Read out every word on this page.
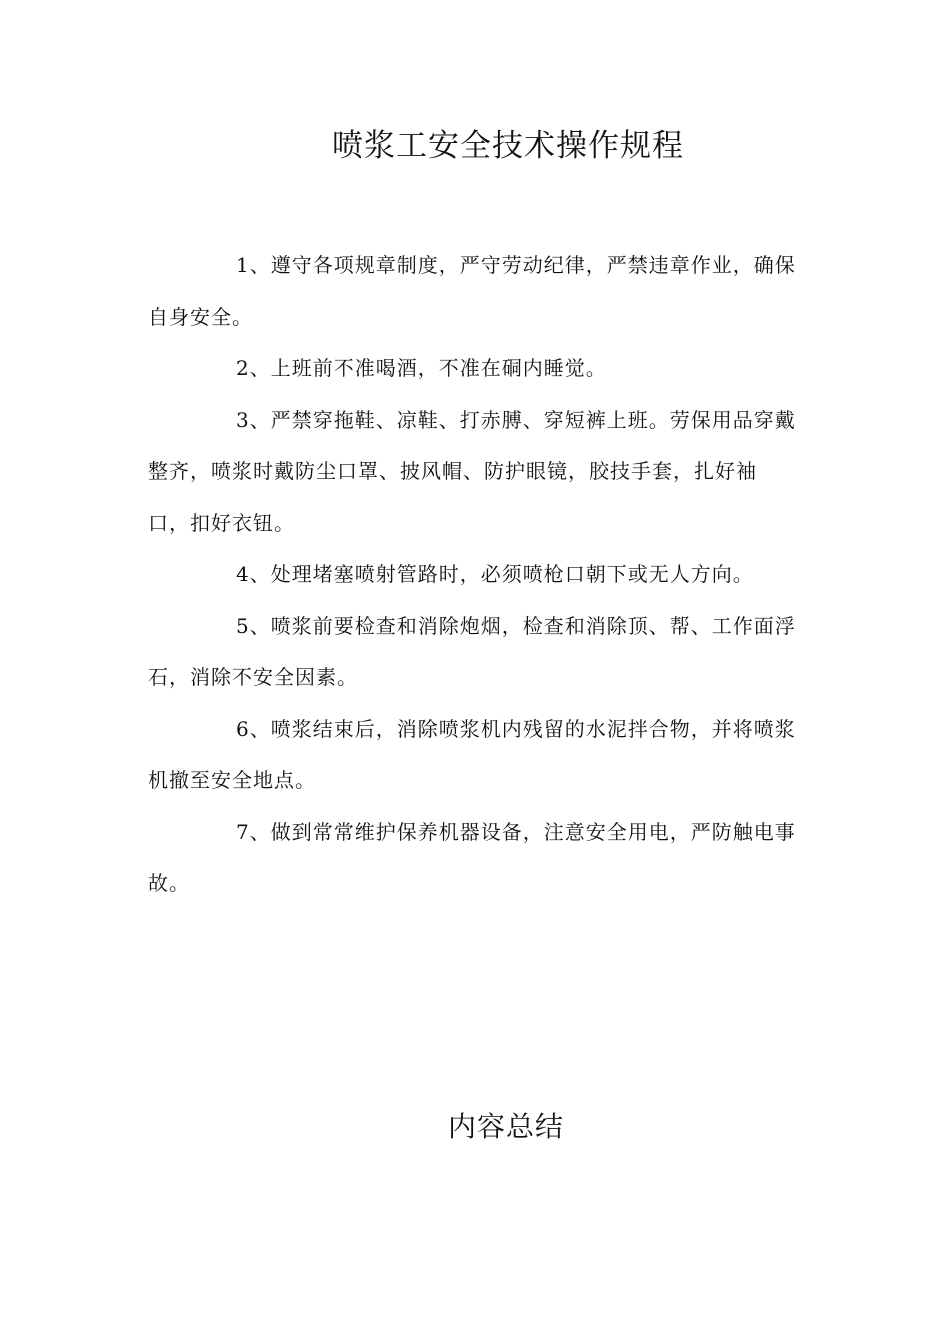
喷浆工安全技术操作规程

1、遵守各项规章制度，严守劳动纪律，严禁违章作业，确保自身安全。

2、上班前不准喝酒，不准在硐内睡觉。

3、严禁穿拖鞋、凉鞋、打赤膊、穿短裤上班。劳保用品穿戴整齐，喷浆时戴防尘口罩、披风帽、防护眼镜，胶技手套，扎好袖口，扣好衣钮。

4、处理堵塞喷射管路时，必须喷枪口朝下或无人方向。

5、喷浆前要检查和消除炮烟，检查和消除顶、帮、工作面浮石，消除不安全因素。

6、喷浆结束后，消除喷浆机内残留的水泥拌合物，并将喷浆机撤至安全地点。

7、做到常常维护保养机器设备，注意安全用电，严防触电事故。

内容总结
